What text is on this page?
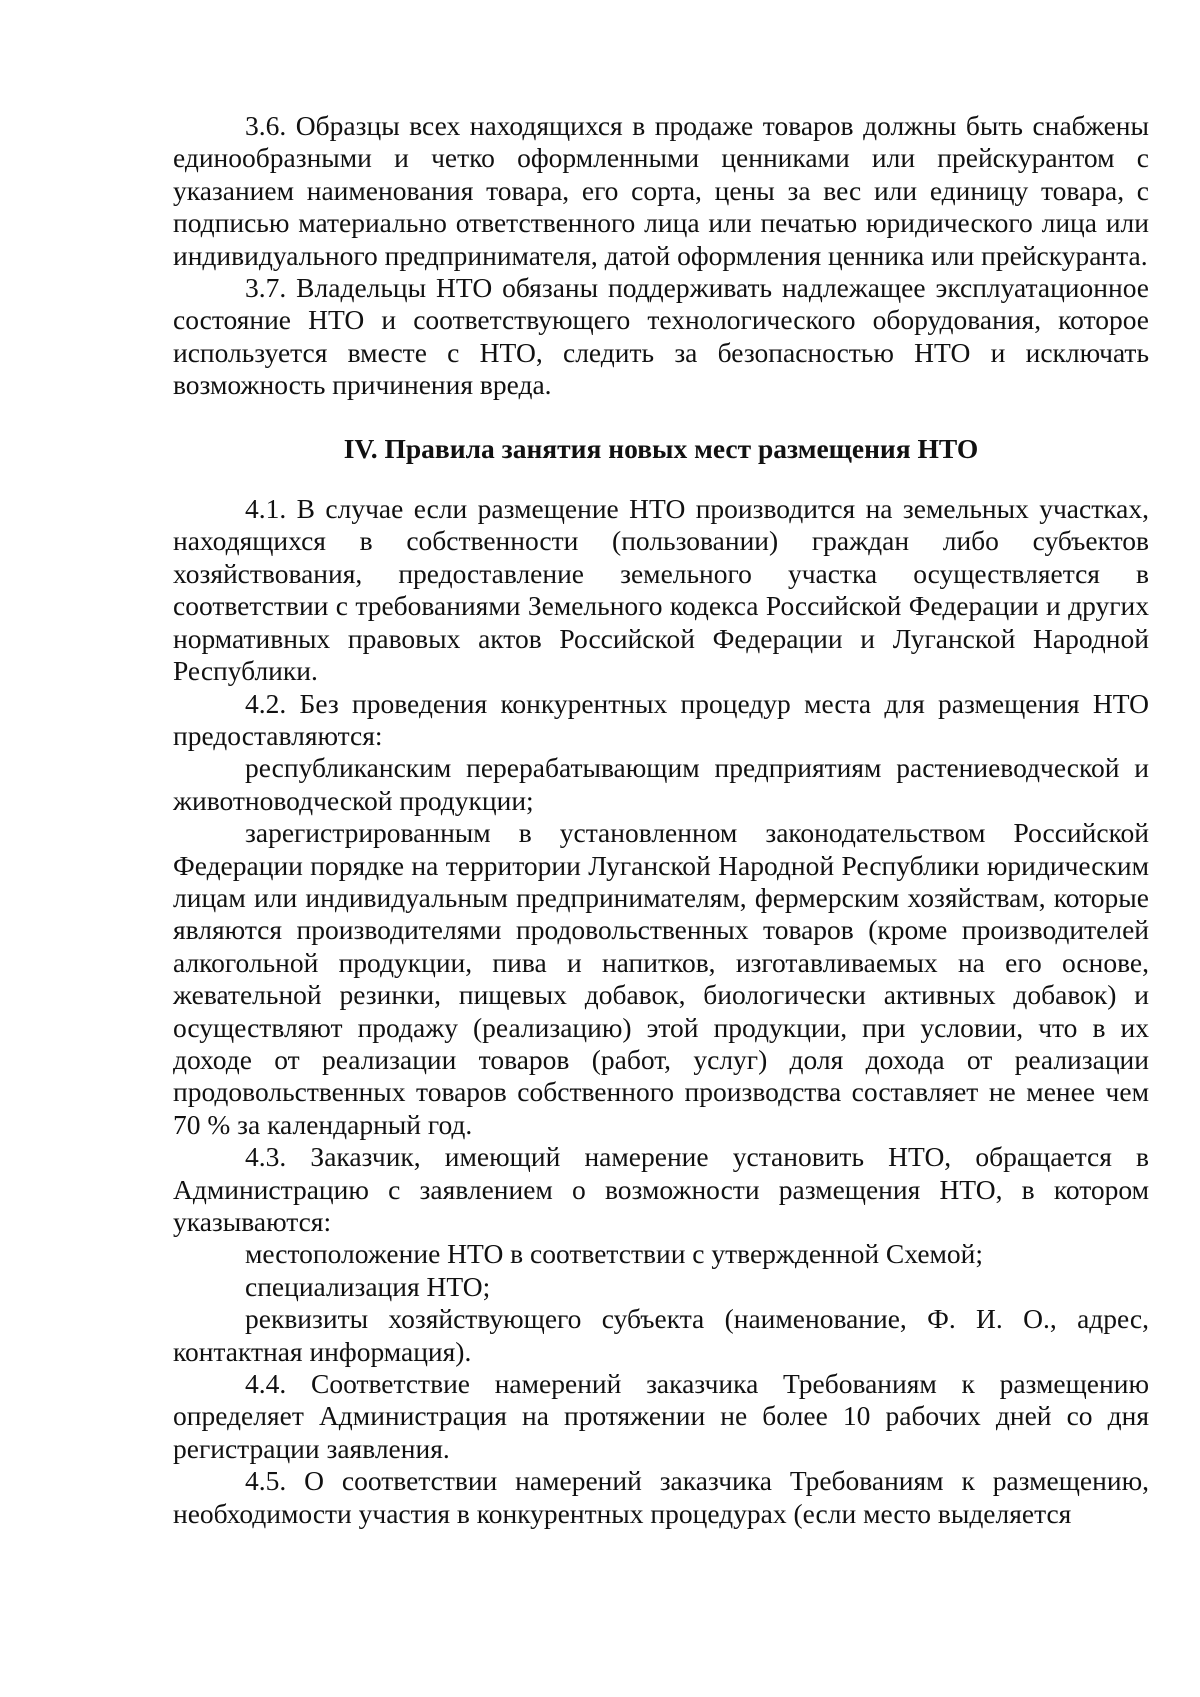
3.6. Образцы всех находящихся в продаже товаров должны быть снабжены единообразными и четко оформленными ценниками или прейскурантом с указанием наименования товара, его сорта, цены за вес или единицу товара, с подписью материально ответственного лица или печатью юридического лица или индивидуального предпринимателя, датой оформления ценника или прейскуранта.

3.7. Владельцы НТО обязаны поддерживать надлежащее эксплуатационное состояние НТО и соответствующего технологического оборудования, которое используется вместе с НТО, следить за безопасностью НТО и исключать возможность причинения вреда.

IV. Правила занятия новых мест размещения НТО

4.1. В случае если размещение НТО производится на земельных участках, находящихся в собственности (пользовании) граждан либо субъектов хозяйствования, предоставление земельного участка осуществляется в соответствии с требованиями Земельного кодекса Российской Федерации и других нормативных правовых актов Российской Федерации и Луганской Народной Республики.

4.2. Без проведения конкурентных процедур места для размещения НТО предоставляются:

республиканским перерабатывающим предприятиям растениеводческой и животноводческой продукции;

зарегистрированным в установленном законодательством Российской Федерации порядке на территории Луганской Народной Республики юридическим лицам или индивидуальным предпринимателям, фермерским хозяйствам, которые являются производителями продовольственных товаров (кроме производителей алкогольной продукции, пива и напитков, изготавливаемых на его основе, жевательной резинки, пищевых добавок, биологически активных добавок) и осуществляют продажу (реализацию) этой продукции, при условии, что в их доходе от реализации товаров (работ, услуг) доля дохода от реализации продовольственных товаров собственного производства составляет не менее чем 70 % за календарный год.

4.3. Заказчик, имеющий намерение установить НТО, обращается в Администрацию с заявлением о возможности размещения НТО, в котором указываются:

местоположение НТО в соответствии с утвержденной Схемой;

специализация НТО;

реквизиты хозяйствующего субъекта (наименование, Ф. И. О., адрес, контактная информация).

4.4. Соответствие намерений заказчика Требованиям к размещению определяет Администрация на протяжении не более 10 рабочих дней со дня регистрации заявления.

4.5. О соответствии намерений заказчика Требованиям к размещению, необходимости участия в конкурентных процедурах (если место выделяется
